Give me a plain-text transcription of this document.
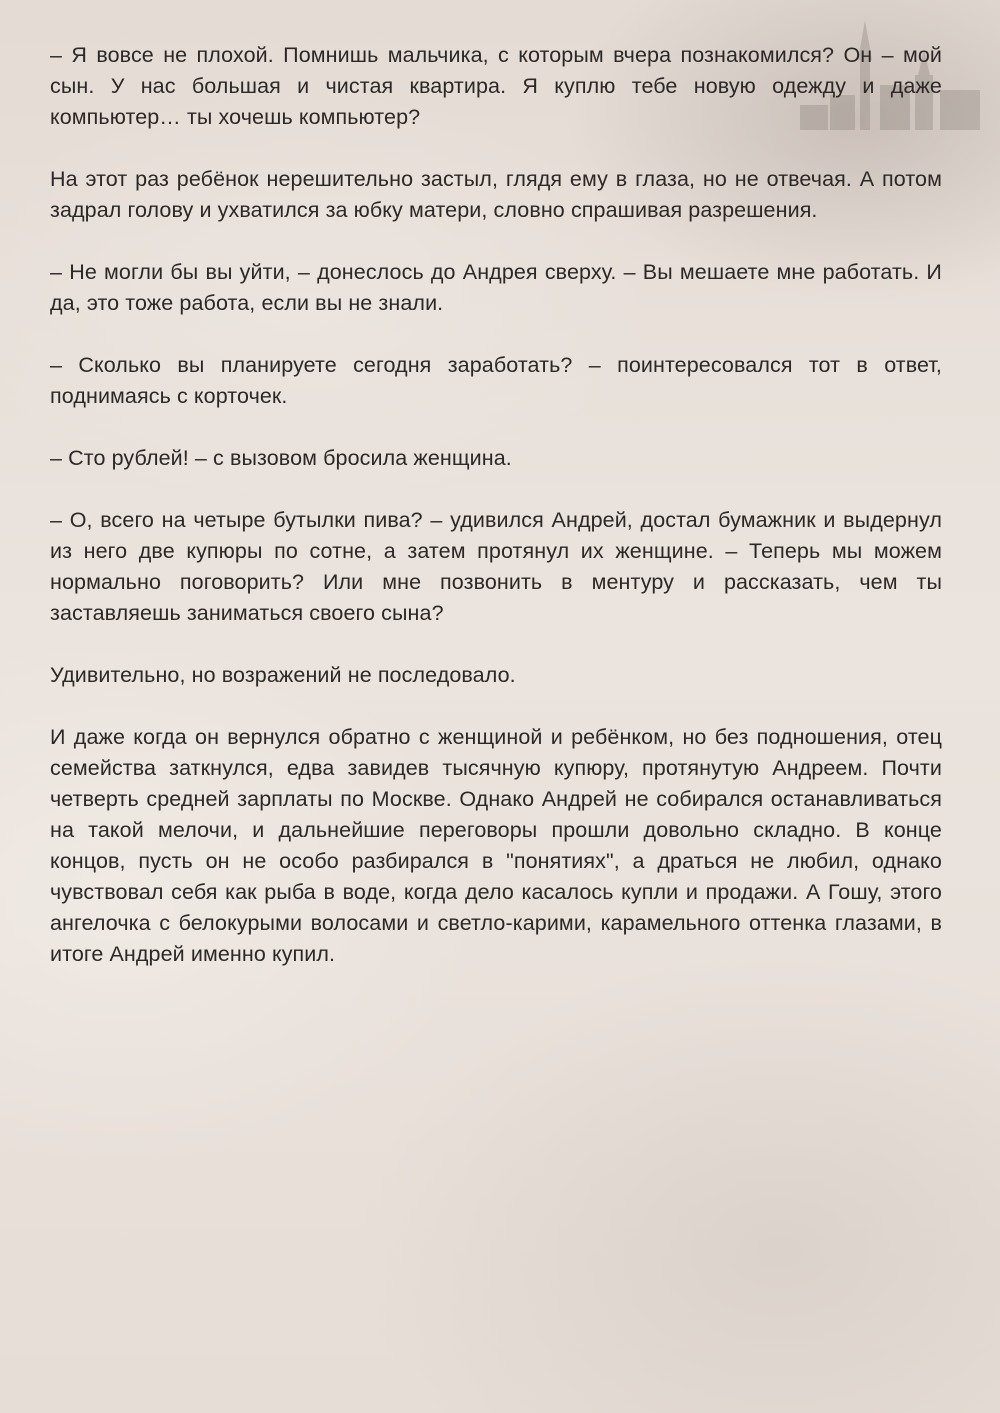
– Я вовсе не плохой. Помнишь мальчика, с которым вчера познакомился? Он – мой сын. У нас большая и чистая квартира. Я куплю тебе новую одежду и даже компьютер… ты хочешь компьютер?

На этот раз ребёнок нерешительно застыл, глядя ему в глаза, но не отвечая. А потом задрал голову и ухватился за юбку матери, словно спрашивая разрешения.

– Не могли бы вы уйти, – донеслось до Андрея сверху. – Вы мешаете мне работать. И да, это тоже работа, если вы не знали.

– Сколько вы планируете сегодня заработать? – поинтересовался тот в ответ, поднимаясь с корточек.

– Сто рублей! – с вызовом бросила женщина.

– О, всего на четыре бутылки пива? – удивился Андрей, достал бумажник и выдернул из него две купюры по сотне, а затем протянул их женщине. – Теперь мы можем нормально поговорить? Или мне позвонить в ментуру и рассказать, чем ты заставляешь заниматься своего сына?

Удивительно, но возражений не последовало.

И даже когда он вернулся обратно с женщиной и ребёнком, но без подношения, отец семейства заткнулся, едва завидев тысячную купюру, протянутую Андреем. Почти четверть средней зарплаты по Москве. Однако Андрей не собирался останавливаться на такой мелочи, и дальнейшие переговоры прошли довольно складно. В конце концов, пусть он не особо разбирался в "понятиях", а драться не любил, однако чувствовал себя как рыба в воде, когда дело касалось купли и продажи. А Гошу, этого ангелочка с белокурыми волосами и светло-карими, карамельного оттенка глазами, в итоге Андрей именно купил.
